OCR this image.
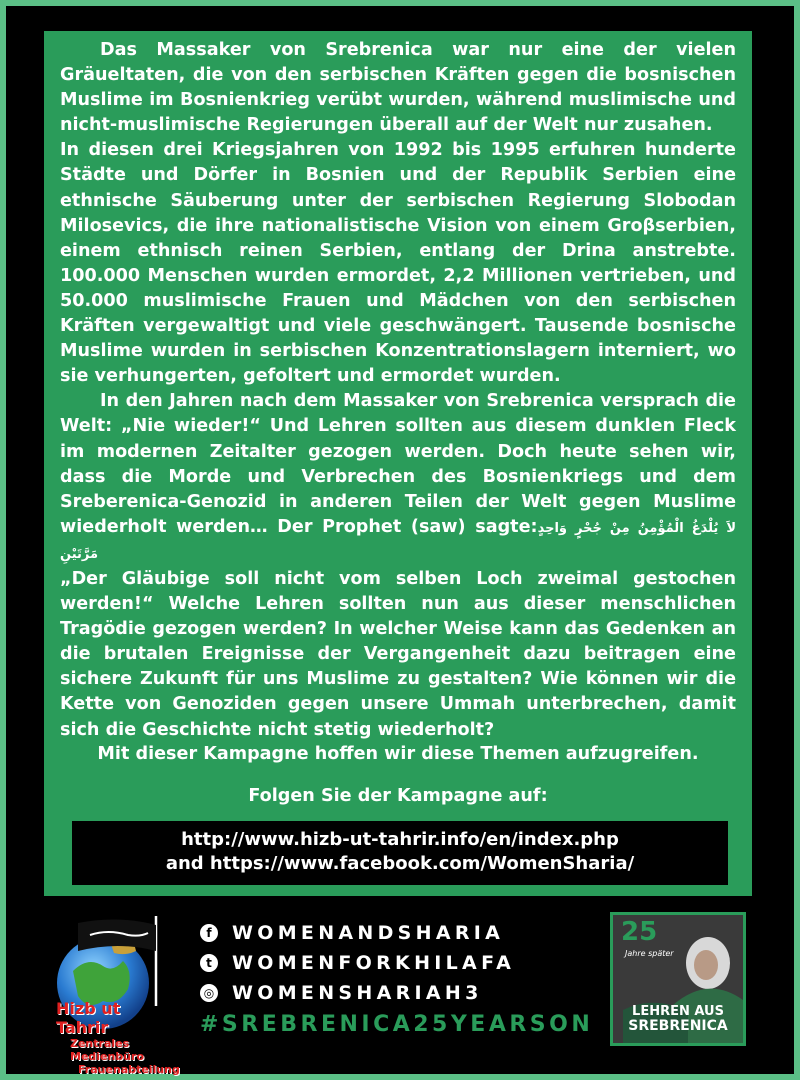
Das Massaker von Srebrenica war nur eine der vielen Gräueltaten, die von den serbischen Kräften gegen die bosnischen Muslime im Bosnienkrieg verübt wurden, während muslimische und nicht-muslimische Regierungen überall auf der Welt nur zusahen.

In diesen drei Kriegsjahren von 1992 bis 1995 erfuhren hunderte Städte und Dörfer in Bosnien und der Republik Serbien eine ethnische Säuberung unter der serbischen Regierung Slobodan Milosevics, die ihre nationalistische Vision von einem Groβserbien, einem ethnisch reinen Serbien, entlang der Drina anstrebte. 100.000 Menschen wurden ermordet, 2,2 Millionen vertrieben, und 50.000 muslimische Frauen und Mädchen von den serbischen Kräften vergewaltigt und viele geschwängert. Tausende bosnische Muslime wurden in serbischen Konzentrationslagern interniert, wo sie verhungerten, gefoltert und ermordet wurden.

In den Jahren nach dem Massaker von Srebrenica versprach die Welt: „Nie wieder!“ Und Lehren sollten aus diesem dunklen Fleck im modernen Zeitalter gezogen werden. Doch heute sehen wir, dass die Morde und Verbrechen des Bosnienkriegs und dem Sreberenica-Genozid in anderen Teilen der Welt gegen Muslime wiederholt werden… Der Prophet (saw) sagte:لاَ يُلْدَغُ الْمُؤْمِنُ مِنْ جُحْرٍ وَاحِدٍ مَرَّتَيْنِ

„Der Gläubige soll nicht vom selben Loch zweimal gestochen werden!“ Welche Lehren sollten nun aus dieser menschlichen Tragödie gezogen werden? In welcher Weise kann das Gedenken an die brutalen Ereignisse der Vergangenheit dazu beitragen eine sichere Zukunft für uns Muslime zu gestalten? Wie können wir die Kette von Genoziden gegen unsere Ummah unterbrechen, damit sich die Geschichte nicht stetig wiederholt?

Mit dieser Kampagne hoffen wir diese Themen aufzugreifen.
Folgen Sie der Kampagne auf:
http://www.hizb-ut-tahrir.info/en/index.php
and https://www.facebook.com/WomenSharia/
Hizb ut Tahrir
Zentrales Medienbüro
Frauenabteilung
f	WOMENANDSHARIA
t	WOMENFORKHILAFA
◎ WOMENSHARIAH3
#SREBRENICA25YEARSON
25
Jahre später
LEHREN AUS
SREBRENICA
